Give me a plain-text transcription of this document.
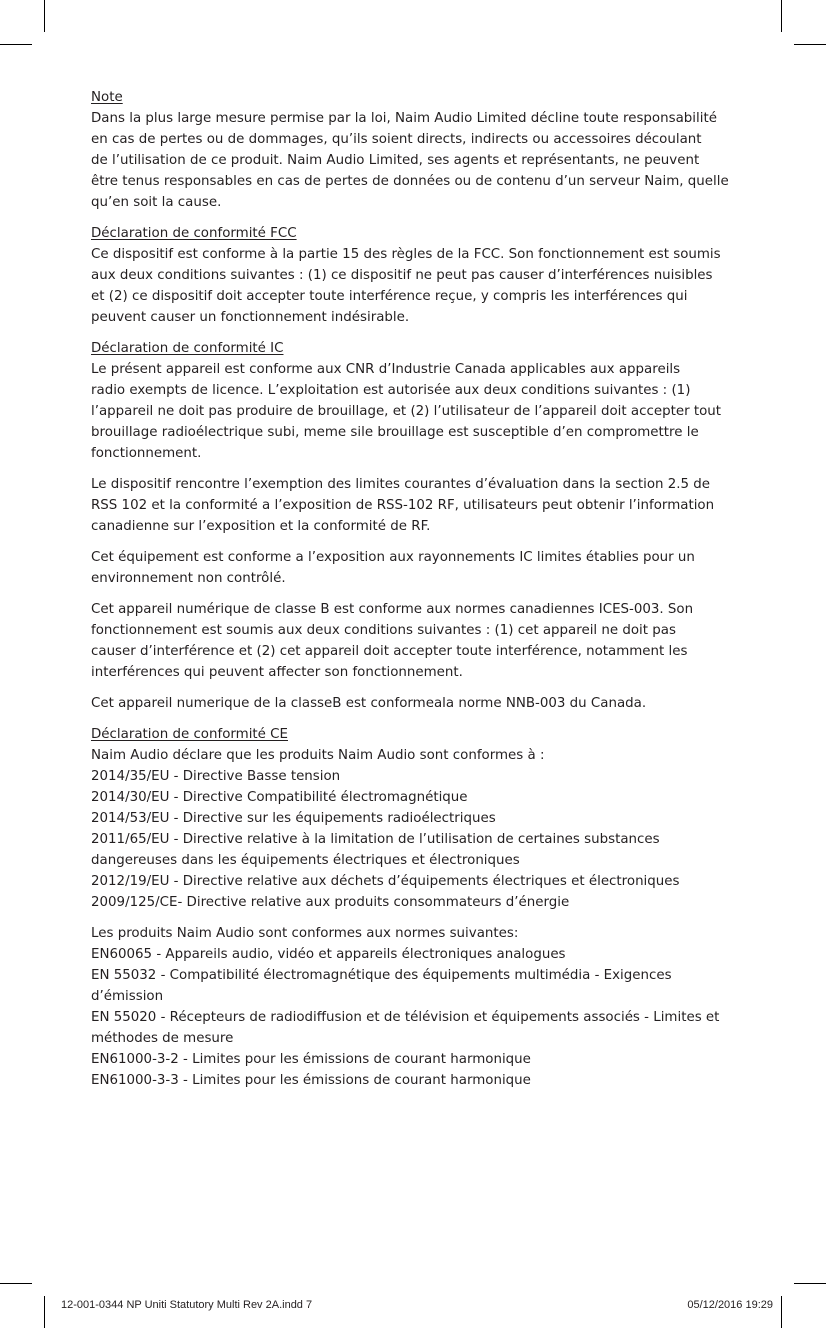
Note
Dans la plus large mesure permise par la loi, Naim Audio Limited décline toute responsabilité
en cas de pertes ou de dommages, qu’ils soient directs, indirects ou accessoires découlant
de l’utilisation de ce produit. Naim Audio Limited, ses agents et représentants, ne peuvent
être tenus responsables en cas de pertes de données ou de contenu d’un serveur Naim, quelle
qu’en soit la cause.
Déclaration de conformité FCC
Ce dispositif est conforme à la partie 15 des règles de la FCC. Son fonctionnement est soumis
aux deux conditions suivantes : (1) ce dispositif ne peut pas causer d’interférences nuisibles
et (2) ce dispositif doit accepter toute interférence reçue, y compris les interférences qui
peuvent causer un fonctionnement indésirable.
Déclaration de conformité IC
Le présent appareil est conforme aux CNR d’Industrie Canada applicables aux appareils
radio exempts de licence. L’exploitation est autorisée aux deux conditions suivantes : (1)
l’appareil ne doit pas produire de brouillage, et (2) l’utilisateur de l’appareil doit accepter tout
brouillage radioélectrique subi, meme sile brouillage est susceptible d’en compromettre le
fonctionnement.
Le dispositif rencontre l’exemption des limites courantes d’évaluation dans la section 2.5 de
RSS 102 et la conformité a l’exposition de RSS-102 RF, utilisateurs peut obtenir l’information
canadienne sur l’exposition et la conformité de RF.
Cet équipement est conforme a l’exposition aux rayonnements IC limites établies pour un
environnement non contrôlé.
Cet appareil numérique de classe B est conforme aux normes canadiennes ICES-003. Son
fonctionnement est soumis aux deux conditions suivantes : (1) cet appareil ne doit pas
causer d’interférence et (2) cet appareil doit accepter toute interférence, notamment les
interférences qui peuvent affecter son fonctionnement.
Cet appareil numerique de la classeB est conformeala norme NNB-003 du Canada.
Déclaration de conformité CE
Naim Audio déclare que les produits Naim Audio sont conformes à :
2014/35/EU - Directive Basse tension
2014/30/EU - Directive Compatibilité électromagnétique
2014/53/EU - Directive sur les équipements radioélectriques
2011/65/EU - Directive relative à la limitation de l’utilisation de certaines substances
dangereuses dans les équipements électriques et électroniques
2012/19/EU - Directive relative aux déchets d’équipements électriques et électroniques
2009/125/CE- Directive relative aux produits consommateurs d’énergie
Les produits Naim Audio sont conformes aux normes suivantes:
EN60065 - Appareils audio, vidéo et appareils électroniques analogues
EN 55032 - Compatibilité électromagnétique des équipements multimédia - Exigences
d’émission
EN 55020 - Récepteurs de radiodiffusion et de télévision et équipements associés - Limites et
méthodes de mesure
EN61000-3-2 - Limites pour les émissions de courant harmonique
EN61000-3-3 - Limites pour les émissions de courant harmonique
12-001-0344 NP Uniti Statutory Multi Rev 2A.indd 7	05/12/2016 19:29
